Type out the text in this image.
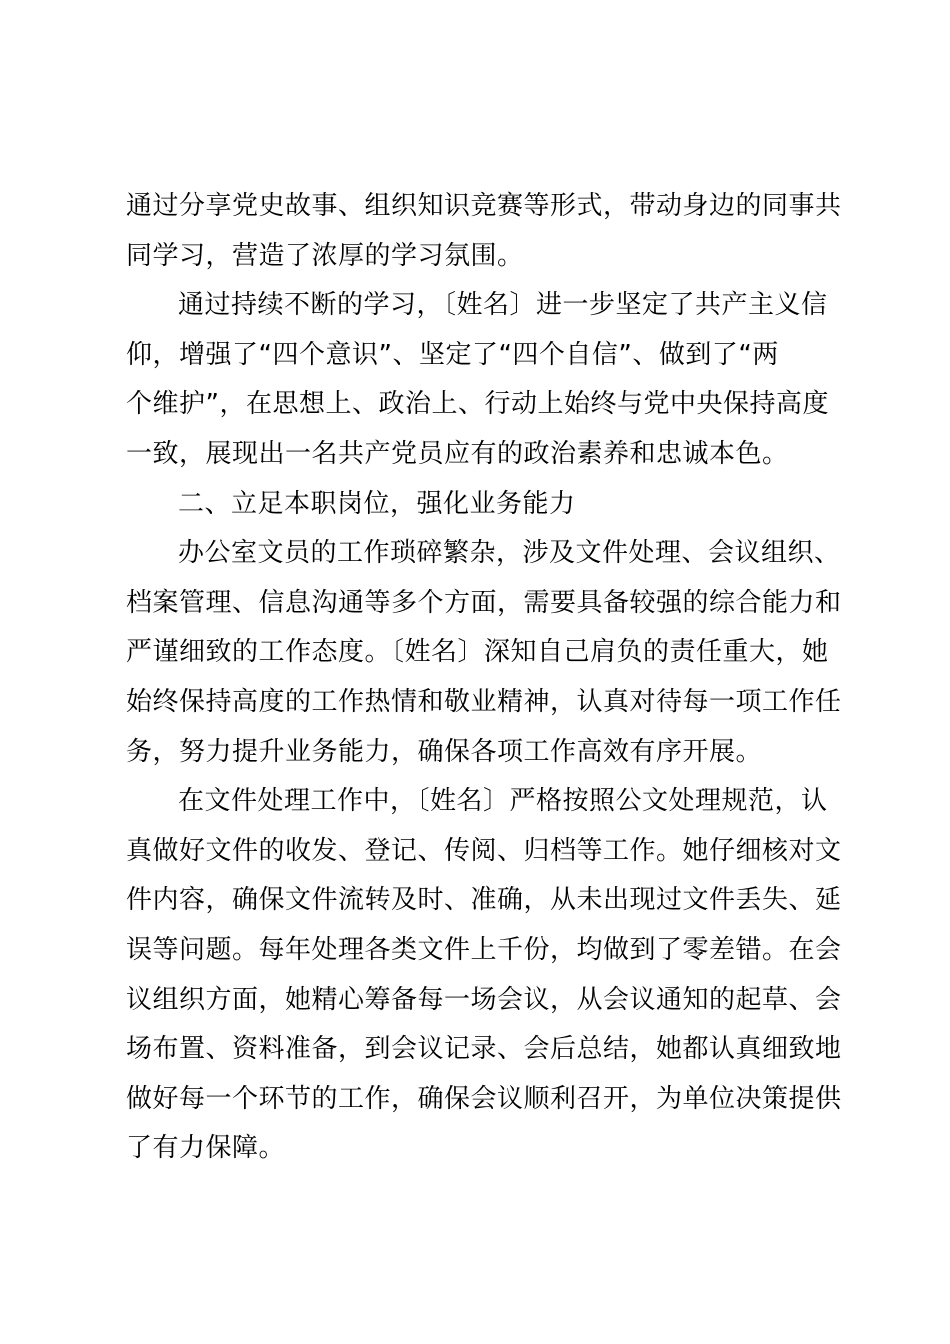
通过分享党史故事、组织知识竞赛等形式，带动身边的同事共
同学习，营造了浓厚的学习氛围。

通过持续不断的学习，〔姓名〕进一步坚定了共产主义信
仰，增强了“四个意识”、坚定了“四个自信”、做到了“两
个维护”，在思想上、政治上、行动上始终与党中央保持高度
一致，展现出一名共产党员应有的政治素养和忠诚本色。

二、立足本职岗位，强化业务能力

办公室文员的工作琐碎繁杂，涉及文件处理、会议组织、
档案管理、信息沟通等多个方面，需要具备较强的综合能力和
严谨细致的工作态度。〔姓名〕深知自己肩负的责任重大，她
始终保持高度的工作热情和敬业精神，认真对待每一项工作任
务，努力提升业务能力，确保各项工作高效有序开展。

在文件处理工作中，〔姓名〕严格按照公文处理规范，认
真做好文件的收发、登记、传阅、归档等工作。她仔细核对文
件内容，确保文件流转及时、准确，从未出现过文件丢失、延
误等问题。每年处理各类文件上千份，均做到了零差错。在会
议组织方面，她精心筹备每一场会议，从会议通知的起草、会
场布置、资料准备，到会议记录、会后总结，她都认真细致地
做好每一个环节的工作，确保会议顺利召开，为单位决策提供
了有力保障。
